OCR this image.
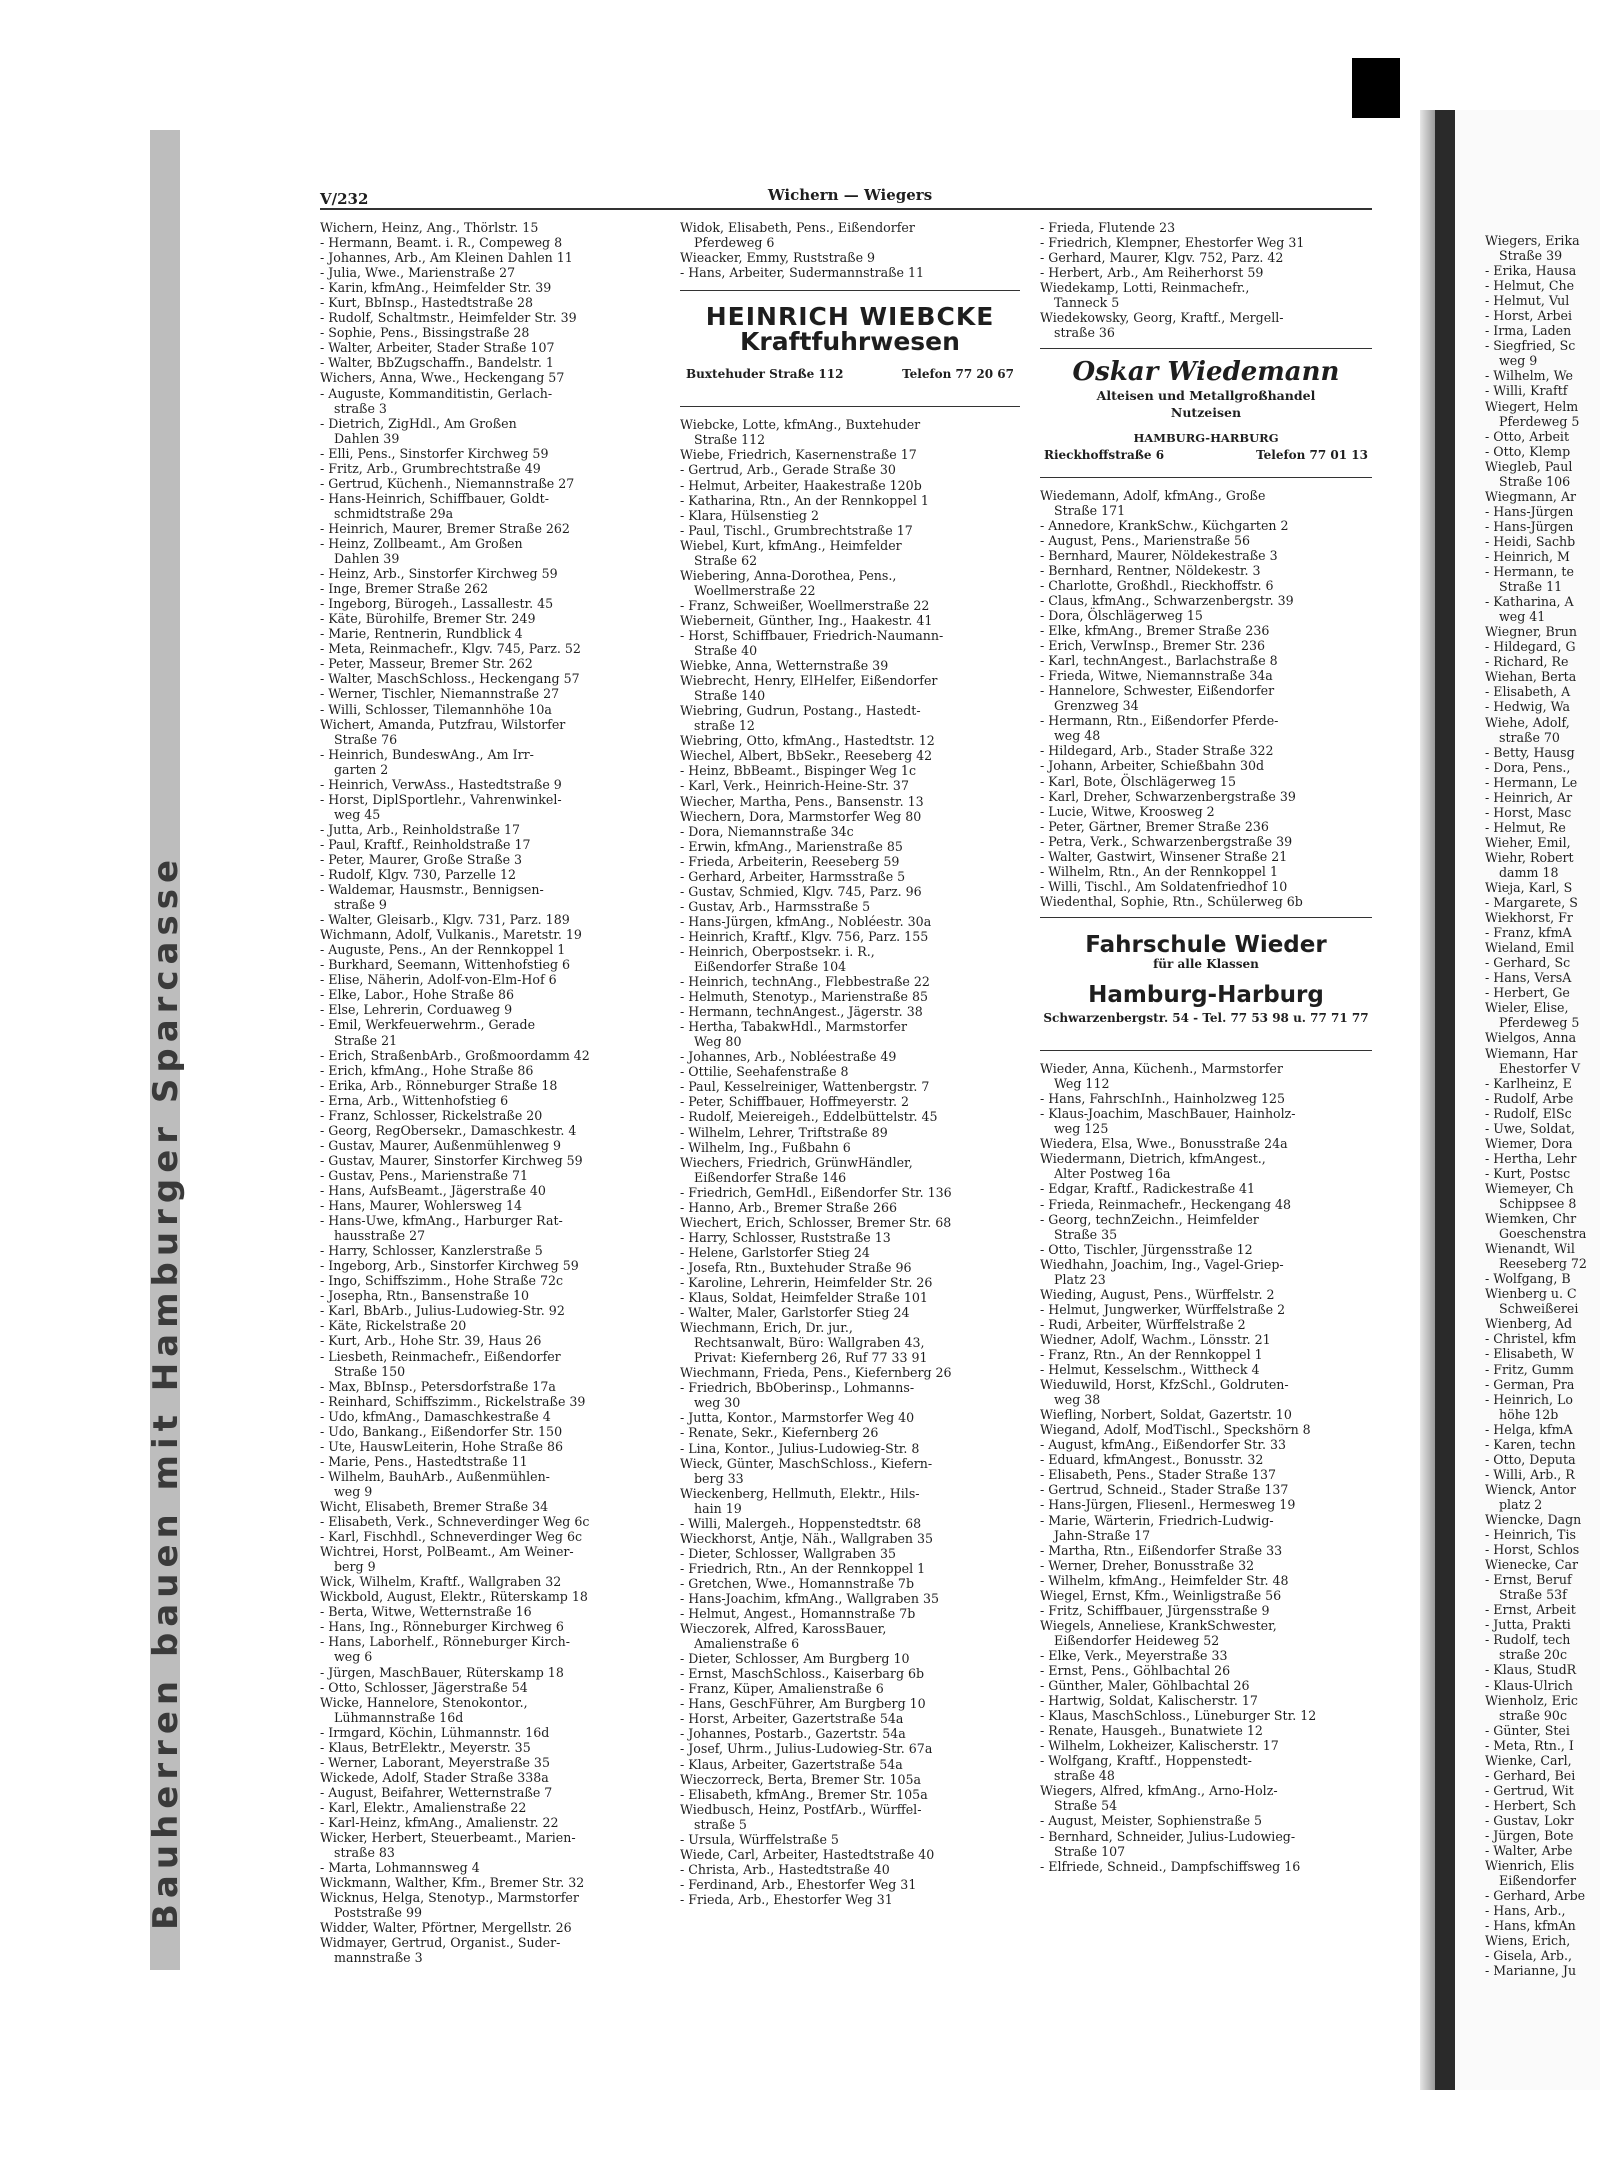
Bauherren bauen mit Hamburger Sparcasse
Wiegers, Erika
Straße 39
- Erika, Hausa
- Helmut, Che
- Helmut, Vul
- Horst, Arbei
- Irma, Laden
- Siegfried, Sc
weg 9
- Wilhelm, We
- Willi, Kraftf
Wiegert, Helm
Pferdeweg 5
- Otto, Arbeit
- Otto, Klemp
Wiegleb, Paul
Straße 106
Wiegmann, Ar
- Hans-Jürgen
- Hans-Jürgen
- Heidi, Sachb
- Heinrich, M
- Hermann, te
Straße 11
- Katharina, A
weg 41
Wiegner, Brun
- Hildegard, G
- Richard, Re
Wiehan, Berta
- Elisabeth, A
- Hedwig, Wa
Wiehe, Adolf,
straße 70
- Betty, Hausg
- Dora, Pens.,
- Hermann, Le
- Heinrich, Ar
- Horst, Masc
- Helmut, Re
Wieher, Emil,
Wiehr, Robert
damm 18
Wieja, Karl, S
- Margarete, S
Wiekhorst, Fr
- Franz, kfmA
Wieland, Emil
- Gerhard, Sc
- Hans, VersA
- Herbert, Ge
Wieler, Elise,
Pferdeweg 5
Wielgos, Anna
Wiemann, Har
Ehestorfer V
- Karlheinz, E
- Rudolf, Arbe
- Rudolf, ElSc
- Uwe, Soldat,
Wiemer, Dora
- Hertha, Lehr
- Kurt, Postsc
Wiemeyer, Ch
Schippsee 8
Wiemken, Chr
Goeschenstra
Wienandt, Wil
Reeseberg 72
- Wolfgang, B
Wienberg u. C
Schweißerei
Wienberg, Ad
- Christel, kfm
- Elisabeth, W
- Fritz, Gumm
- German, Pra
- Heinrich, Lo
höhe 12b
- Helga, kfmA
- Karen, techn
- Otto, Deputa
- Willi, Arb., R
Wienck, Antor
platz 2
Wiencke, Dagn
- Heinrich, Tis
- Horst, Schlos
Wienecke, Car
- Ernst, Beruf
Straße 53f
- Ernst, Arbeit
- Jutta, Prakti
- Rudolf, tech
straße 20c
- Klaus, StudR
- Klaus-Ulrich
Wienholz, Eric
straße 90c
- Günter, Stei
- Meta, Rtn., I
Wienke, Carl,
- Gerhard, Bei
- Gertrud, Wit
- Herbert, Sch
- Gustav, Lokr
- Jürgen, Bote
- Walter, Arbe
Wienrich, Elis
Eißendorfer
- Gerhard, Arbe
- Hans, Arb.,
- Hans, kfmAn
Wiens, Erich,
- Gisela, Arb.,
- Marianne, Ju
V/232	Wichern — Wiegers
Wichern, Heinz, Ang., Thörlstr. 15
- Hermann, Beamt. i. R., Compeweg 8
- Johannes, Arb., Am Kleinen Dahlen 11
- Julia, Wwe., Marienstraße 27
- Karin, kfmAng., Heimfelder Str. 39
- Kurt, BbInsp., Hastedtstraße 28
- Rudolf, Schaltmstr., Heimfelder Str. 39
- Sophie, Pens., Bissingstraße 28
- Walter, Arbeiter, Stader Straße 107
- Walter, BbZugschaffn., Bandelstr. 1
Wichers, Anna, Wwe., Heckengang 57
- Auguste, Kommanditistin, Gerlach-
straße 3
- Dietrich, ZigHdl., Am Großen
Dahlen 39
- Elli, Pens., Sinstorfer Kirchweg 59
- Fritz, Arb., Grumbrechtstraße 49
- Gertrud, Küchenh., Niemannstraße 27
- Hans-Heinrich, Schiffbauer, Goldt-
schmidtstraße 29a
- Heinrich, Maurer, Bremer Straße 262
- Heinz, Zollbeamt., Am Großen
Dahlen 39
- Heinz, Arb., Sinstorfer Kirchweg 59
- Inge, Bremer Straße 262
- Ingeborg, Bürogeh., Lassallestr. 45
- Käte, Bürohilfe, Bremer Str. 249
- Marie, Rentnerin, Rundblick 4
- Meta, Reinmachefr., Klgv. 745, Parz. 52
- Peter, Masseur, Bremer Str. 262
- Walter, MaschSchloss., Heckengang 57
- Werner, Tischler, Niemannstraße 27
- Willi, Schlosser, Tilemannhöhe 10a
Wichert, Amanda, Putzfrau, Wilstorfer
Straße 76
- Heinrich, BundeswAng., Am Irr-
garten 2
- Heinrich, VerwAss., Hastedtstraße 9
- Horst, DiplSportlehr., Vahrenwinkel-
weg 45
- Jutta, Arb., Reinholdstraße 17
- Paul, Kraftf., Reinholdstraße 17
- Peter, Maurer, Große Straße 3
- Rudolf, Klgv. 730, Parzelle 12
- Waldemar, Hausmstr., Bennigsen-
straße 9
- Walter, Gleisarb., Klgv. 731, Parz. 189
Wichmann, Adolf, Vulkanis., Maretstr. 19
- Auguste, Pens., An der Rennkoppel 1
- Burkhard, Seemann, Wittenhofstieg 6
- Elise, Näherin, Adolf-von-Elm-Hof 6
- Elke, Labor., Hohe Straße 86
- Else, Lehrerin, Corduaweg 9
- Emil, Werkfeuerwehrm., Gerade
Straße 21
- Erich, StraßenbArb., Großmoordamm 42
- Erich, kfmAng., Hohe Straße 86
- Erika, Arb., Rönneburger Straße 18
- Erna, Arb., Wittenhofstieg 6
- Franz, Schlosser, Rickelstraße 20
- Georg, RegObersekr., Damaschkestr. 4
- Gustav, Maurer, Außenmühlenweg 9
- Gustav, Maurer, Sinstorfer Kirchweg 59
- Gustav, Pens., Marienstraße 71
- Hans, AufsBeamt., Jägerstraße 40
- Hans, Maurer, Wohlersweg 14
- Hans-Uwe, kfmAng., Harburger Rat-
hausstraße 27
- Harry, Schlosser, Kanzlerstraße 5
- Ingeborg, Arb., Sinstorfer Kirchweg 59
- Ingo, Schiffszimm., Hohe Straße 72c
- Josepha, Rtn., Bansenstraße 10
- Karl, BbArb., Julius-Ludowieg-Str. 92
- Käte, Rickelstraße 20
- Kurt, Arb., Hohe Str. 39, Haus 26
- Liesbeth, Reinmachefr., Eißendorfer
Straße 150
- Max, BbInsp., Petersdorfstraße 17a
- Reinhard, Schiffszimm., Rickelstraße 39
- Udo, kfmAng., Damaschkestraße 4
- Udo, Bankang., Eißendorfer Str. 150
- Ute, HauswLeiterin, Hohe Straße 86
- Marie, Pens., Hastedtstraße 11
- Wilhelm, BauhArb., Außenmühlen-
weg 9
Wicht, Elisabeth, Bremer Straße 34
- Elisabeth, Verk., Schneverdinger Weg 6c
- Karl, Fischhdl., Schneverdinger Weg 6c
Wichtrei, Horst, PolBeamt., Am Weiner-
berg 9
Wick, Wilhelm, Kraftf., Wallgraben 32
Wickbold, August, Elektr., Rüterskamp 18
- Berta, Witwe, Wetternstraße 16
- Hans, Ing., Rönneburger Kirchweg 6
- Hans, Laborhelf., Rönneburger Kirch-
weg 6
- Jürgen, MaschBauer, Rüterskamp 18
- Otto, Schlosser, Jägerstraße 54
Wicke, Hannelore, Stenokontor.,
Lühmannstraße 16d
- Irmgard, Köchin, Lühmannstr. 16d
- Klaus, BetrElektr., Meyerstr. 35
- Werner, Laborant, Meyerstraße 35
Wickede, Adolf, Stader Straße 338a
- August, Beifahrer, Wetternstraße 7
- Karl, Elektr., Amalienstraße 22
- Karl-Heinz, kfmAng., Amalienstr. 22
Wicker, Herbert, Steuerbeamt., Marien-
straße 83
- Marta, Lohmannsweg 4
Wickmann, Walther, Kfm., Bremer Str. 32
Wicknus, Helga, Stenotyp., Marmstorfer
Poststraße 99
Widder, Walter, Pförtner, Mergellstr. 26
Widmayer, Gertrud, Organist., Suder-
mannstraße 3
Widok, Elisabeth, Pens., Eißendorfer
Pferdeweg 6
Wieacker, Emmy, Ruststraße 9
- Hans, Arbeiter, Sudermannstraße 11
HEINRICH WIEBCKE
Kraftfuhrwesen
Buxtehuder Straße 112	Telefon 77 20 67
Wiebcke, Lotte, kfmAng., Buxtehuder
Straße 112
Wiebe, Friedrich, Kasernenstraße 17
- Gertrud, Arb., Gerade Straße 30
- Helmut, Arbeiter, Haakestraße 120b
- Katharina, Rtn., An der Rennkoppel 1
- Klara, Hülsenstieg 2
- Paul, Tischl., Grumbrechtstraße 17
Wiebel, Kurt, kfmAng., Heimfelder
Straße 62
Wiebering, Anna-Dorothea, Pens.,
Woellmerstraße 22
- Franz, Schweißer, Woellmerstraße 22
Wieberneit, Günther, Ing., Haakestr. 41
- Horst, Schiffbauer, Friedrich-Naumann-
Straße 40
Wiebke, Anna, Wetternstraße 39
Wiebrecht, Henry, ElHelfer, Eißendorfer
Straße 140
Wiebring, Gudrun, Postang., Hastedt-
straße 12
Wiebring, Otto, kfmAng., Hastedtstr. 12
Wiechel, Albert, BbSekr., Reeseberg 42
- Heinz, BbBeamt., Bispinger Weg 1c
- Karl, Verk., Heinrich-Heine-Str. 37
Wiecher, Martha, Pens., Bansenstr. 13
Wiechern, Dora, Marmstorfer Weg 80
- Dora, Niemannstraße 34c
- Erwin, kfmAng., Marienstraße 85
- Frieda, Arbeiterin, Reeseberg 59
- Gerhard, Arbeiter, Harmsstraße 5
- Gustav, Schmied, Klgv. 745, Parz. 96
- Gustav, Arb., Harmsstraße 5
- Hans-Jürgen, kfmAng., Nobléestr. 30a
- Heinrich, Kraftf., Klgv. 756, Parz. 155
- Heinrich, Oberpostsekr. i. R.,
Eißendorfer Straße 104
- Heinrich, technAng., Flebbestraße 22
- Helmuth, Stenotyp., Marienstraße 85
- Hermann, technAngest., Jägerstr. 38
- Hertha, TabakwHdl., Marmstorfer
Weg 80
- Johannes, Arb., Nobléestraße 49
- Ottilie, Seehafenstraße 8
- Paul, Kesselreiniger, Wattenbergstr. 7
- Peter, Schiffbauer, Hoffmeyerstr. 2
- Rudolf, Meiereigeh., Eddelbüttelstr. 45
- Wilhelm, Lehrer, Triftstraße 89
- Wilhelm, Ing., Fußbahn 6
Wiechers, Friedrich, GrünwHändler,
Eißendorfer Straße 146
- Friedrich, GemHdl., Eißendorfer Str. 136
- Hanno, Arb., Bremer Straße 266
Wiechert, Erich, Schlosser, Bremer Str. 68
- Harry, Schlosser, Ruststraße 13
- Helene, Garlstorfer Stieg 24
- Josefa, Rtn., Buxtehuder Straße 96
- Karoline, Lehrerin, Heimfelder Str. 26
- Klaus, Soldat, Heimfelder Straße 101
- Walter, Maler, Garlstorfer Stieg 24
Wiechmann, Erich, Dr. jur.,
Rechtsanwalt, Büro: Wallgraben 43,
Privat: Kiefernberg 26, Ruf 77 33 91
Wiechmann, Frieda, Pens., Kiefernberg 26
- Friedrich, BbOberinsp., Lohmanns-
weg 30
- Jutta, Kontor., Marmstorfer Weg 40
- Renate, Sekr., Kiefernberg 26
- Lina, Kontor., Julius-Ludowieg-Str. 8
Wieck, Günter, MaschSchloss., Kiefern-
berg 33
Wieckenberg, Hellmuth, Elektr., Hils-
hain 19
- Willi, Malergeh., Hoppenstedtstr. 68
Wieckhorst, Antje, Näh., Wallgraben 35
- Dieter, Schlosser, Wallgraben 35
- Friedrich, Rtn., An der Rennkoppel 1
- Gretchen, Wwe., Homannstraße 7b
- Hans-Joachim, kfmAng., Wallgraben 35
- Helmut, Angest., Homannstraße 7b
Wieczorek, Alfred, KarossBauer,
Amalienstraße 6
- Dieter, Schlosser, Am Burgberg 10
- Ernst, MaschSchloss., Kaiserbarg 6b
- Franz, Küper, Amalienstraße 6
- Hans, GeschFührer, Am Burgberg 10
- Horst, Arbeiter, Gazertstraße 54a
- Johannes, Postarb., Gazertstr. 54a
- Josef, Uhrm., Julius-Ludowieg-Str. 67a
- Klaus, Arbeiter, Gazertstraße 54a
Wieczorreck, Berta, Bremer Str. 105a
- Elisabeth, kfmAng., Bremer Str. 105a
Wiedbusch, Heinz, PostfArb., Würffel-
straße 5
- Ursula, Würffelstraße 5
Wiede, Carl, Arbeiter, Hastedtstraße 40
- Christa, Arb., Hastedtstraße 40
- Ferdinand, Arb., Ehestorfer Weg 31
- Frieda, Arb., Ehestorfer Weg 31
- Frieda, Flutende 23
- Friedrich, Klempner, Ehestorfer Weg 31
- Gerhard, Maurer, Klgv. 752, Parz. 42
- Herbert, Arb., Am Reiherhorst 59
Wiedekamp, Lotti, Reinmachefr.,
Tanneck 5
Wiedekowsky, Georg, Kraftf., Mergell-
straße 36
Oskar Wiedemann
Alteisen und Metallgroßhandel
Nutzeisen
HAMBURG-HARBURG
Rieckhoffstraße 6	Telefon 77 01 13
Wiedemann, Adolf, kfmAng., Große
Straße 171
- Annedore, KrankSchw., Küchgarten 2
- August, Pens., Marienstraße 56
- Bernhard, Maurer, Nöldekestraße 3
- Bernhard, Rentner, Nöldekestr. 3
- Charlotte, Großhdl., Rieckhoffstr. 6
- Claus, kfmAng., Schwarzenbergstr. 39
- Dora, Ölschlägerweg 15
- Elke, kfmAng., Bremer Straße 236
- Erich, VerwInsp., Bremer Str. 236
- Karl, technAngest., Barlachstraße 8
- Frieda, Witwe, Niemannstraße 34a
- Hannelore, Schwester, Eißendorfer
Grenzweg 34
- Hermann, Rtn., Eißendorfer Pferde-
weg 48
- Hildegard, Arb., Stader Straße 322
- Johann, Arbeiter, Schießbahn 30d
- Karl, Bote, Ölschlägerweg 15
- Karl, Dreher, Schwarzenbergstraße 39
- Lucie, Witwe, Kroosweg 2
- Peter, Gärtner, Bremer Straße 236
- Petra, Verk., Schwarzenbergstraße 39
- Walter, Gastwirt, Winsener Straße 21
- Wilhelm, Rtn., An der Rennkoppel 1
- Willi, Tischl., Am Soldatenfriedhof 10
Wiedenthal, Sophie, Rtn., Schülerweg 6b
Fahrschule Wieder
für alle Klassen
Hamburg-Harburg
Schwarzenbergstr. 54 - Tel. 77 53 98 u. 77 71 77
Wieder, Anna, Küchenh., Marmstorfer
Weg 112
- Hans, FahrschInh., Hainholzweg 125
- Klaus-Joachim, MaschBauer, Hainholz-
weg 125
Wiedera, Elsa, Wwe., Bonusstraße 24a
Wiedermann, Dietrich, kfmAngest.,
Alter Postweg 16a
- Edgar, Kraftf., Radickestraße 41
- Frieda, Reinmachefr., Heckengang 48
- Georg, technZeichn., Heimfelder
Straße 35
- Otto, Tischler, Jürgensstraße 12
Wiedhahn, Joachim, Ing., Vagel-Griep-
Platz 23
Wieding, August, Pens., Würffelstr. 2
- Helmut, Jungwerker, Würffelstraße 2
- Rudi, Arbeiter, Würffelstraße 2
Wiedner, Adolf, Wachm., Lönsstr. 21
- Franz, Rtn., An der Rennkoppel 1
- Helmut, Kesselschm., Wittheck 4
Wieduwild, Horst, KfzSchl., Goldruten-
weg 38
Wiefling, Norbert, Soldat, Gazertstr. 10
Wiegand, Adolf, ModTischl., Speckshörn 8
- August, kfmAng., Eißendorfer Str. 33
- Eduard, kfmAngest., Bonusstr. 32
- Elisabeth, Pens., Stader Straße 137
- Gertrud, Schneid., Stader Straße 137
- Hans-Jürgen, Fliesenl., Hermesweg 19
- Marie, Wärterin, Friedrich-Ludwig-
Jahn-Straße 17
- Martha, Rtn., Eißendorfer Straße 33
- Werner, Dreher, Bonusstraße 32
- Wilhelm, kfmAng., Heimfelder Str. 48
Wiegel, Ernst, Kfm., Weinligstraße 56
- Fritz, Schiffbauer, Jürgensstraße 9
Wiegels, Anneliese, KrankSchwester,
Eißendorfer Heideweg 52
- Elke, Verk., Meyerstraße 33
- Ernst, Pens., Göhlbachtal 26
- Günther, Maler, Göhlbachtal 26
- Hartwig, Soldat, Kalischerstr. 17
- Klaus, MaschSchloss., Lüneburger Str. 12
- Renate, Hausgeh., Bunatwiete 12
- Wilhelm, Lokheizer, Kalischerstr. 17
- Wolfgang, Kraftf., Hoppenstedt-
straße 48
Wiegers, Alfred, kfmAng., Arno-Holz-
Straße 54
- August, Meister, Sophienstraße 5
- Bernhard, Schneider, Julius-Ludowieg-
Straße 107
- Elfriede, Schneid., Dampfschiffsweg 16
